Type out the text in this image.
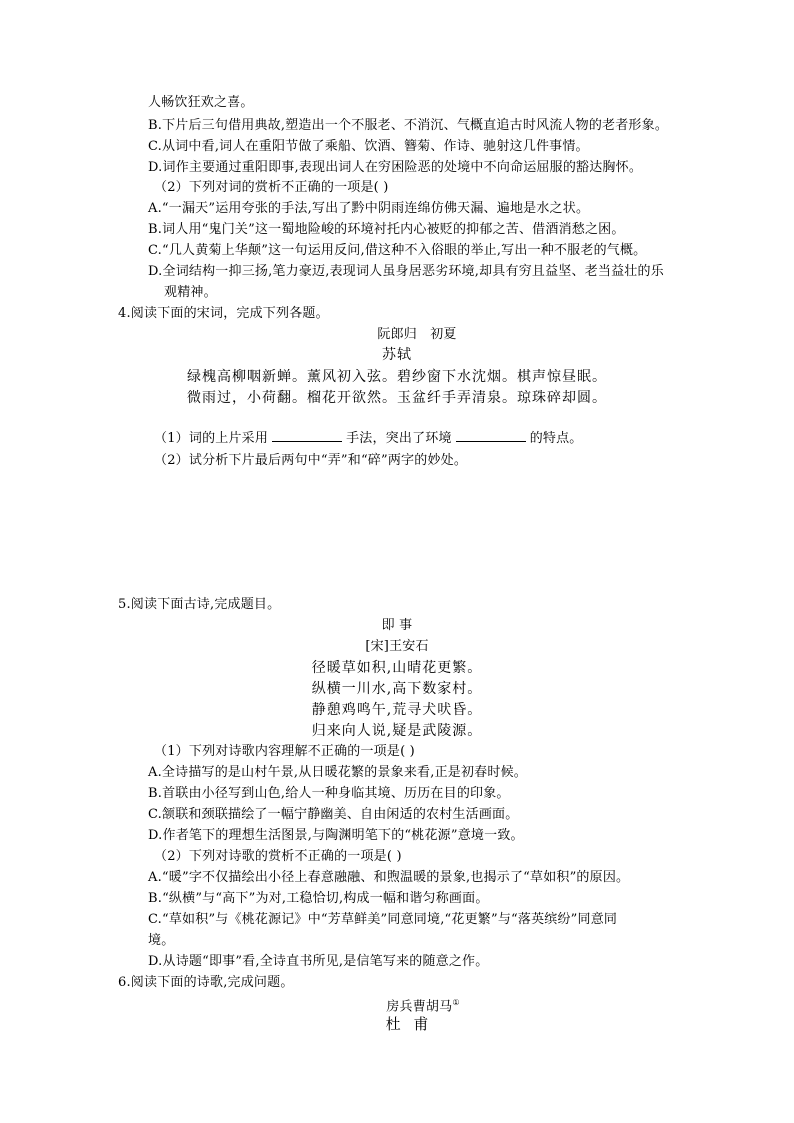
人畅饮狂欢之喜。
B.下片后三句借用典故,塑造出一个不服老、不消沉、气概直追古时风流人物的老者形象。
C.从词中看,词人在重阳节做了乘船、饮酒、簪菊、作诗、驰射这几件事情。
D.词作主要通过重阳即事,表现出词人在穷困险恶的处境中不向命运屈服的豁达胸怀。
（2）下列对词的赏析不正确的一项是( )
A.“一漏天”运用夸张的手法,写出了黔中阴雨连绵仿佛天漏、遍地是水之状。
B.词人用“鬼门关”这一蜀地险峻的环境衬托内心被贬的抑郁之苦、借酒消愁之困。
C.“几人黄菊上华颠”这一句运用反问,借这种不入俗眼的举止,写出一种不服老的气概。
D.全词结构一抑三扬,笔力豪迈,表现词人虽身居恶劣环境,却具有穷且益坚、老当益壮的乐
观精神。
4.阅读下面的宋词，完成下列各题。
阮郎归　初夏
苏轼
绿槐高柳咽新蝉。薰风初入弦。碧纱窗下水沈烟。棋声惊昼眠。
微雨过，小荷翻。榴花开欲然。玉盆纤手弄清泉。琼珠碎却圆。
（1）词的上片采用	手法，突出了环境	的特点。
（2）试分析下片最后两句中“弄”和“碎”两字的妙处。
5.阅读下面古诗,完成题目。
即 事
[宋]王安石
径暖草如积,山晴花更繁。
纵横一川水,高下数家村。
静憩鸡鸣午,荒寻犬吠昏。
归来向人说,疑是武陵源。
（1）下列对诗歌内容理解不正确的一项是( )
A.全诗描写的是山村午景,从日暖花繁的景象来看,正是初春时候。
B.首联由小径写到山色,给人一种身临其境、历历在目的印象。
C.颔联和颈联描绘了一幅宁静幽美、自由闲适的农村生活画面。
D.作者笔下的理想生活图景,与陶渊明笔下的“桃花源”意境一致。
（2）下列对诗歌的赏析不正确的一项是( )
A.“暖”字不仅描绘出小径上春意融融、和煦温暖的景象,也揭示了“草如积”的原因。
B.“纵横”与“高下”为对,工稳恰切,构成一幅和谐匀称画面。
C.“草如积”与《桃花源记》中“芳草鲜美”同意同境,“花更繁”与“落英缤纷”同意同
境。
D.从诗题“即事”看,全诗直书所见,是信笔写来的随意之作。
6.阅读下面的诗歌,完成问题。
房兵曹胡马①
杜 甫
